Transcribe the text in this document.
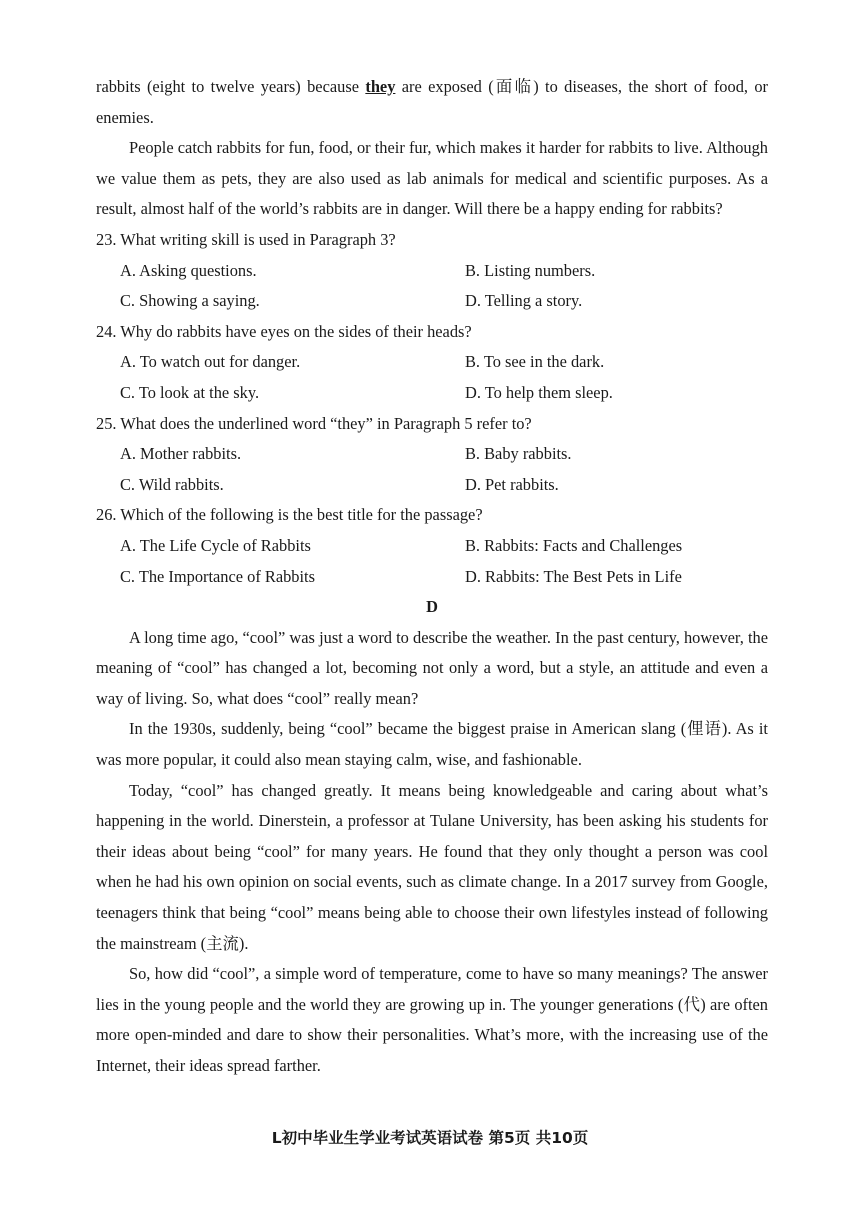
rabbits (eight to twelve years) because they are exposed (面临) to diseases, the short of food, or enemies.

People catch rabbits for fun, food, or their fur, which makes it harder for rabbits to live. Although we value them as pets, they are also used as lab animals for medical and scientific purposes. As a result, almost half of the world’s rabbits are in danger. Will there be a happy ending for rabbits?

23. What writing skill is used in Paragraph 3?

A. Asking questions.	B. Listing numbers.
C. Showing a saying.	D. Telling a story.

24. Why do rabbits have eyes on the sides of their heads?

A. To watch out for danger.	B. To see in the dark.
C. To look at the sky.	D. To help them sleep.

25. What does the underlined word “they” in Paragraph 5 refer to?

A. Mother rabbits.	B. Baby rabbits.
C. Wild rabbits.	D. Pet rabbits.

26. Which of the following is the best title for the passage?

A. The Life Cycle of Rabbits	B. Rabbits: Facts and Challenges
C. The Importance of Rabbits	D. Rabbits: The Best Pets in Life

D

A long time ago, “cool” was just a word to describe the weather. In the past century, however, the meaning of “cool” has changed a lot, becoming not only a word, but a style, an attitude and even a way of living. So, what does “cool” really mean?

In the 1930s, suddenly, being “cool” became the biggest praise in American slang (俚语). As it was more popular, it could also mean staying calm, wise, and fashionable.

Today, “cool” has changed greatly. It means being knowledgeable and caring about what’s happening in the world. Dinerstein, a professor at Tulane University, has been asking his students for their ideas about being “cool” for many years. He found that they only thought a person was cool when he had his own opinion on social events, such as climate change. In a 2017 survey from Google, teenagers think that being “cool” means being able to choose their own lifestyles instead of following the mainstream (主流).

So, how did “cool”, a simple word of temperature, come to have so many meanings? The answer lies in the young people and the world they are growing up in. The younger generations (代) are often more open-minded and dare to show their personalities. What’s more, with the increasing use of the Internet, their ideas spread farther.

L初中毕业生学业考试英语试卷 第5页 共10页
